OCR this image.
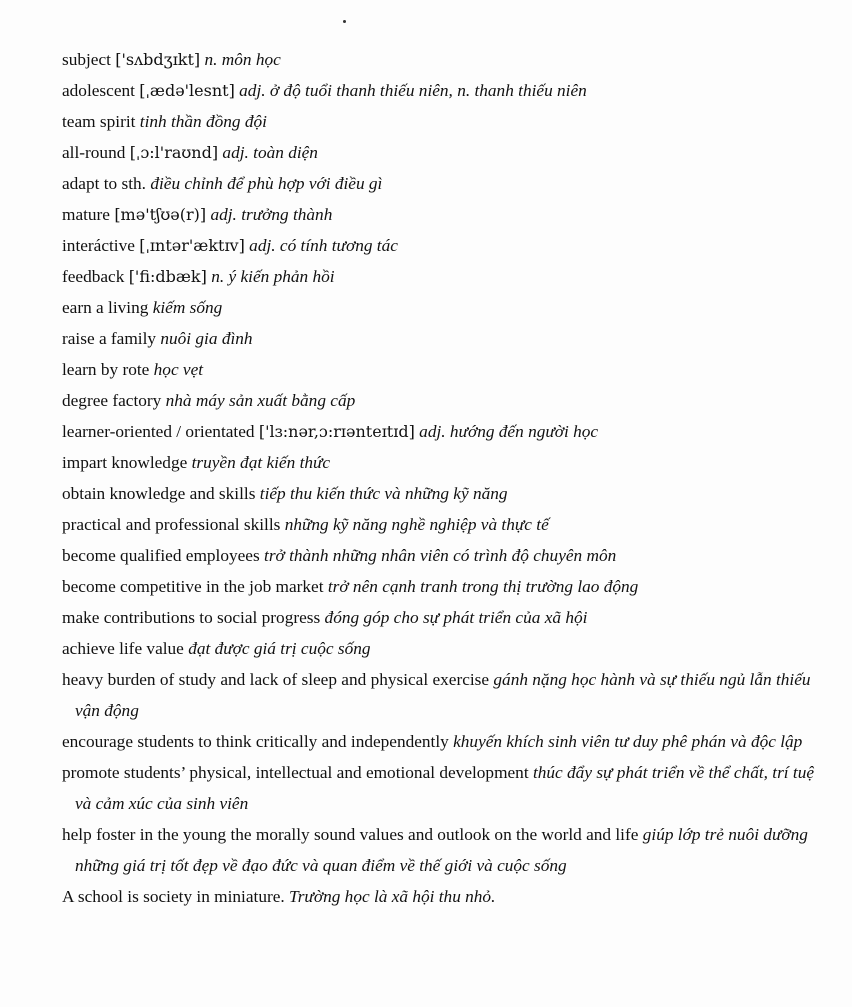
subject ['sʌbdʒɪkt] n. môn học
adolescent [ˌædə'lesnt] adj. ở độ tuổi thanh thiếu niên, n. thanh thiếu niên
team spirit tinh thần đồng đội
all-round [ˌɔ:l'raʊnd] adj. toàn diện
adapt to sth. điều chỉnh để phù hợp với điều gì
mature [mə'tʃʊə(r)] adj. trưởng thành
interáctive [ˌɪntər'æktɪv] adj. có tính tương tác
feedback ['fi:dbæk] n. ý kiến phản hồi
earn a living kiếm sống
raise a family nuôi gia đình
learn by rote học vẹt
degree factory nhà máy sản xuất bằng cấp
learner-oriented / orientated ['lɜ:nər,ɔ:rɪənteɪtɪd] adj. hướng đến người học
impart knowledge truyền đạt kiến thức
obtain knowledge and skills tiếp thu kiến thức và những kỹ năng
practical and professional skills những kỹ năng nghề nghiệp và thực tế
become qualified employees trở thành những nhân viên có trình độ chuyên môn
become competitive in the job market trở nên cạnh tranh trong thị trường lao động
make contributions to social progress đóng góp cho sự phát triển của xã hội
achieve life value đạt được giá trị cuộc sống
heavy burden of study and lack of sleep and physical exercise gánh nặng học hành và sự thiếu ngủ lẫn thiếu vận động
encourage students to think critically and independently khuyến khích sinh viên tư duy phê phán và độc lập
promote students’ physical, intellectual and emotional development thúc đẩy sự phát triển về thể chất, trí tuệ và cảm xúc của sinh viên
help foster in the young the morally sound values and outlook on the world and life giúp lớp trẻ nuôi dưỡng những giá trị tốt đẹp về đạo đức và quan điểm về thế giới và cuộc sống
A school is society in miniature. Trường học là xã hội thu nhỏ.
